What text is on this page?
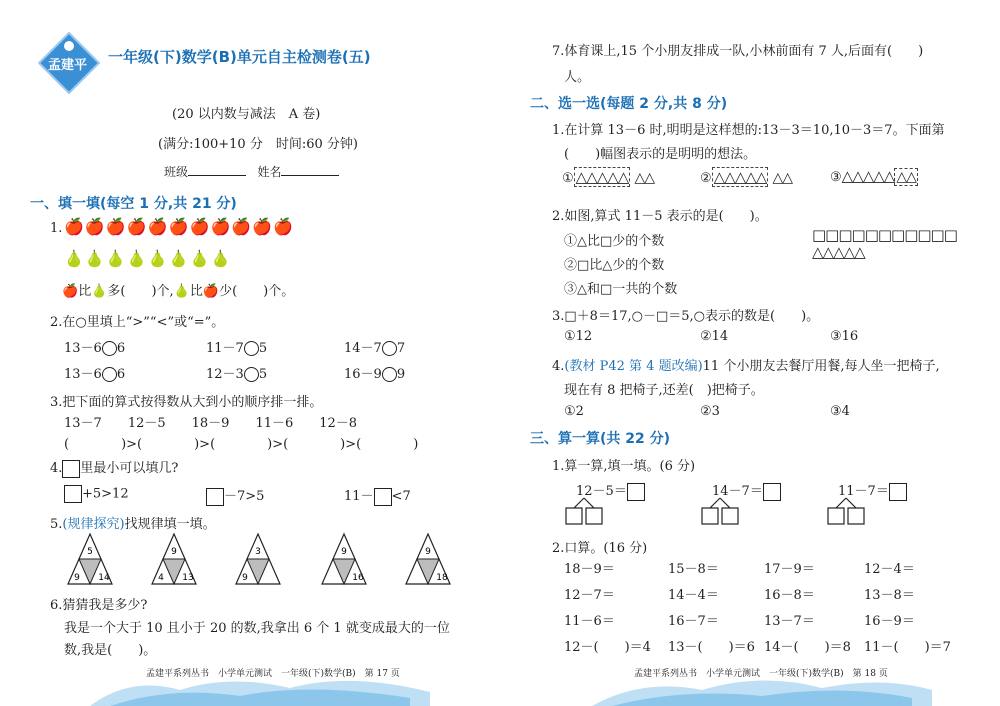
孟建平 一年级(下)数学(B)单元自主检测卷(五)
(20 以内数与减法　A 卷)
(满分:100+10 分　时间:60 分钟)
班级	姓名
一、填一填(每空 1 分,共 21 分)
1. 🍎🍎🍎🍎🍎🍎🍎🍎🍎🍎🍎
🍐🍐🍐🍐🍐🍐🍐🍐
🍎比🍐多(　　)个,🍐比🍎少(　　)个。
2.在○里填上“>”“<”或“=”。
13－6 6	11－7 5	14－7 7
13－6 6	12－3 5	16－9 9
3.把下面的算式按得数从大到小的顺序排一排。
13－7　　12－5　　18－9　　11－6　　12－8
(　　　　)>(　　　　)>(　　　　)>(　　　　)>(　　　　)
4. 里最小可以填几?
+5>12	－7>5	11－ <7
5.(规律探究)找规律填一填。
5
9 14
9
4 13
3
9
9
16
9
18
6.猜猜我是多少?
我是一个大于 10 且小于 20 的数,我拿出 6 个 1 就变成最大的一位
数,我是(　　)。
孟建平系列丛书　小学单元测试　一年级(下)数学(B)　第 17 页
7.体育课上,15 个小朋友排成一队,小林前面有 7 人,后面有(　　)
人。
二、选一选(每题 2 分,共 8 分)
1.在计算 13－6 时,明明是这样想的:13－3＝10,10－3＝7。下面第
(　　)幅图表示的是明明的想法。
① △△△△△ △△	② △△△△△ △△	③△△△△△ △△
2.如图,算式 11－5 表示的是(　　)。
①△比□少的个数
②□比△少的个数
③△和□一共的个数
□□□□□□□□□□□
△△△△△
3.□＋8＝17,○－□＝5,○表示的数是(　　)。
①12	②14	③16
4.(教材 P42 第 4 题改编)11 个小朋友去餐厅用餐,每人坐一把椅子,
现在有 8 把椅子,还差(　)把椅子。
①2	②3	③4
三、算一算(共 22 分)
1.算一算,填一填。(6 分)
12－5＝	14－7＝	11－7＝
2.口算。(16 分)
18－9＝	15－8＝	17－9＝	12－4＝
12－7＝	14－4＝	16－8＝	13－8＝
11－6＝	16－7＝	13－7＝	16－9＝
12－(　　)＝4 13－(　　)＝6 14－(　　)＝8 11－(　　)＝7
孟建平系列丛书　小学单元测试　一年级(下)数学(B)　第 18 页
